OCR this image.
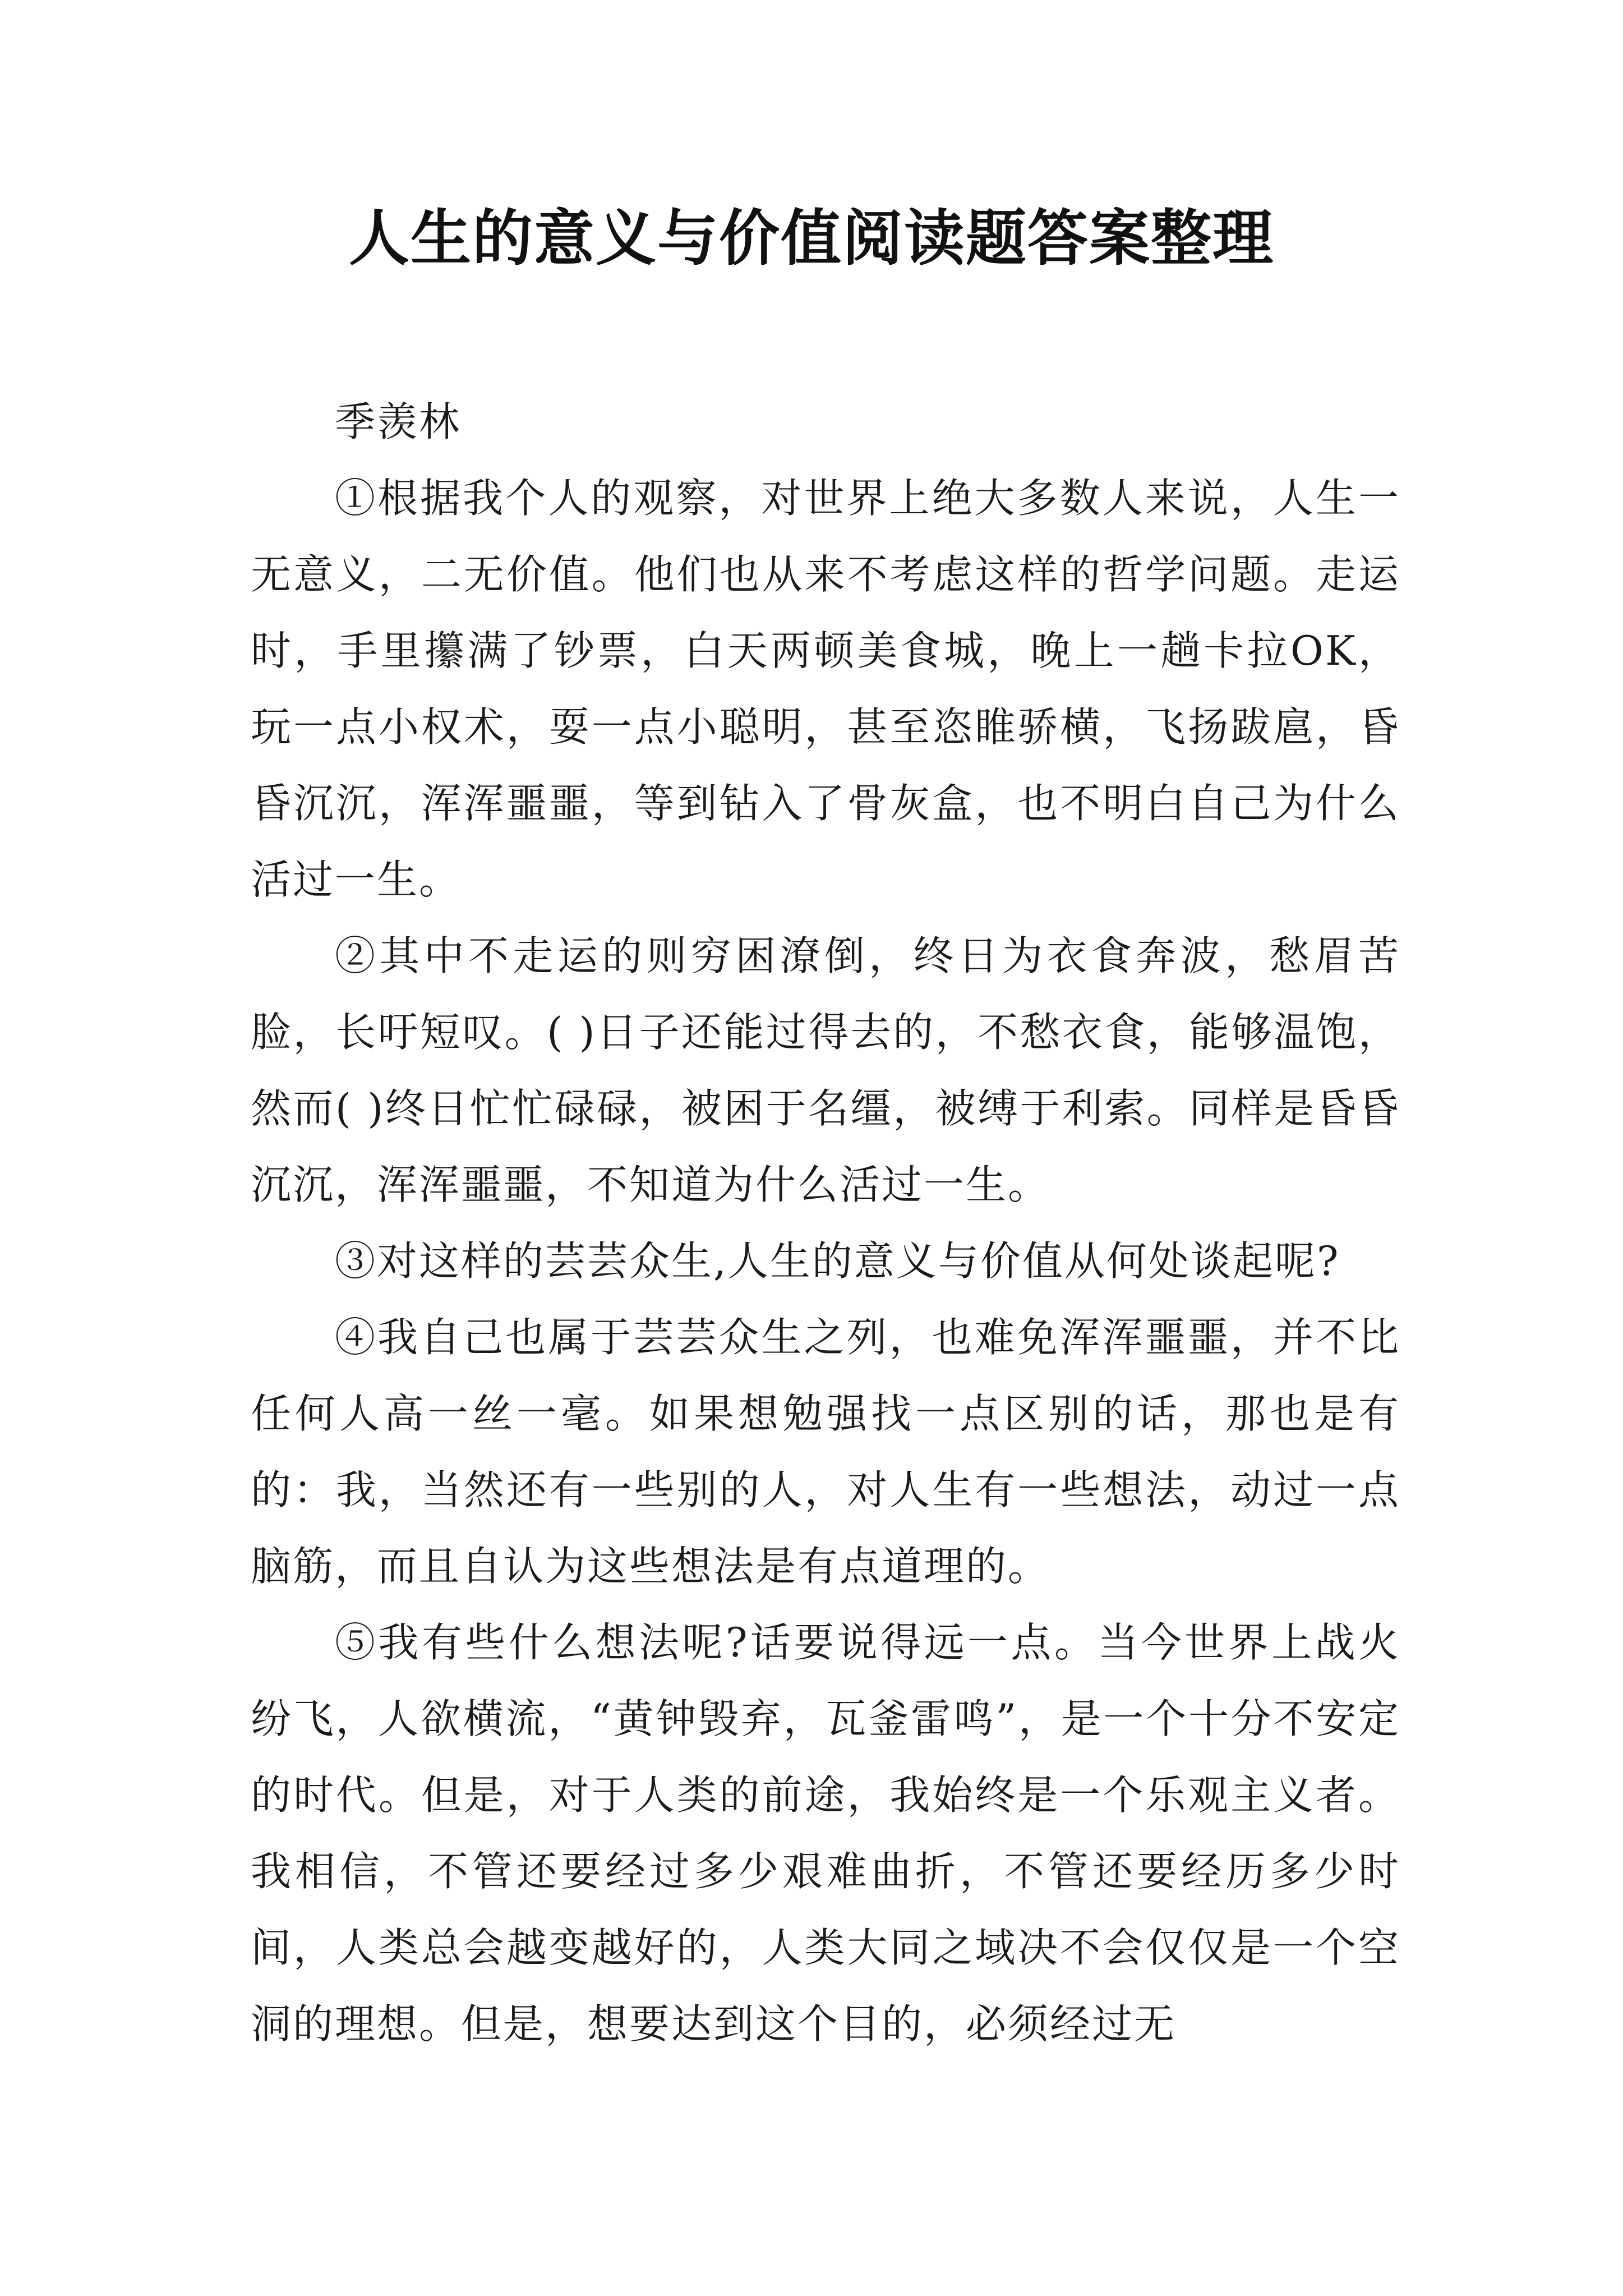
人生的意义与价值阅读题答案整理

季羡林

①根据我个人的观察，对世界上绝大多数人来说，人生一无意义，二无价值。他们也从来不考虑这样的哲学问题。走运时，手里攥满了钞票，白天两顿美食城，晚上一趟卡拉OK，玩一点小权术，耍一点小聪明，甚至恣睢骄横，飞扬跋扈，昏昏沉沉，浑浑噩噩，等到钻入了骨灰盒，也不明白自己为什么活过一生。

②其中不走运的则穷困潦倒，终日为衣食奔波，愁眉苦脸，长吁短叹。( )日子还能过得去的，不愁衣食，能够温饱，然而( )终日忙忙碌碌，被困于名缰，被缚于利索。同样是昏昏沉沉，浑浑噩噩，不知道为什么活过一生。

③对这样的芸芸众生,人生的意义与价值从何处谈起呢?

④我自己也属于芸芸众生之列，也难免浑浑噩噩，并不比任何人高一丝一毫。如果想勉强找一点区别的话，那也是有的：我，当然还有一些别的人，对人生有一些想法，动过一点脑筋，而且自认为这些想法是有点道理的。

⑤我有些什么想法呢?话要说得远一点。当今世界上战火纷飞，人欲横流，“黄钟毁弃，瓦釜雷鸣”，是一个十分不安定的时代。但是，对于人类的前途，我始终是一个乐观主义者。我相信，不管还要经过多少艰难曲折，不管还要经历多少时间，人类总会越变越好的，人类大同之域决不会仅仅是一个空洞的理想。但是，想要达到这个目的，必须经过无
